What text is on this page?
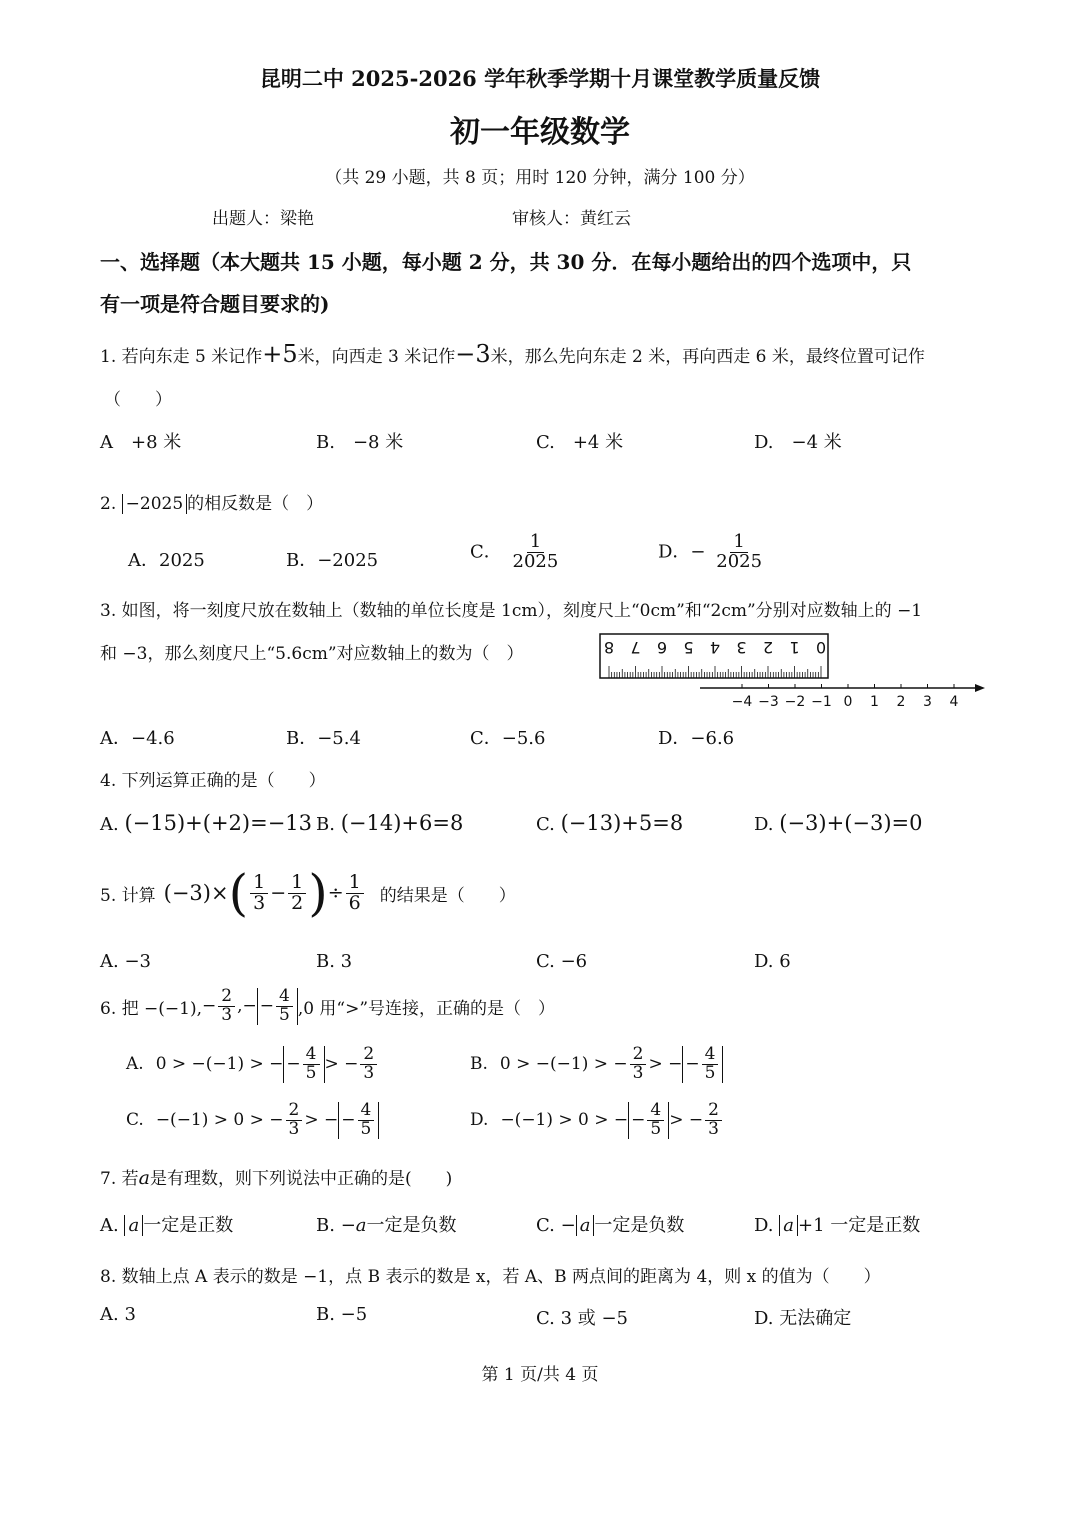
昆明二中 2025-2026 学年秋季学期十月课堂教学质量反馈
初一年级数学
（共 29 小题，共 8 页；用时 120 分钟，满分 100 分）
出题人：梁艳	审核人：黄红云
一、选择题（本大题共 15 小题，每小题 2 分，共 30 分．在每小题给出的四个选项中，只
有一项是符合题目要求的)
1. 若向东走 5 米记作+5米，向西走 3 米记作−3米，那么先向东走 2 米，再向西走 6 米，最终位置可记作
（　　）
A　+8 米	B.　−8 米	C.　+4 米	D.　−4 米
2. −2025 的相反数是（　）
A．2025	B．−2025	C． $\frac{1}{2025}$	D．− $\frac{1}{2025}$
3. 如图，将一刻度尺放在数轴上（数轴的单位长度是 1cm），刻度尺上“0cm”和“2cm”分别对应数轴上的 −1
和 −3，那么刻度尺上“5.6cm”对应数轴上的数为（　）	8 7 6 5 4 3 2 1 0
−4 −3 −2 −1 0 1 2 3 4
A．−4.6	B．−5.4	C．−5.6	D．−6.6
4. 下列运算正确的是（　　）
A. (−15)+(+2)=−13 B. (−14)+6=8	C. (−13)+5=8	D. (−3)+(−3)=0
5. 计算 (−3)× ( $\frac{1}{3} - \frac{1}{2}$ ) ÷ $\frac{1}{6}$ 的结果是（　　）
A. −3	B. 3	C. −6	D. 6
6. 把 −(−1), − $\frac{2}{3}$ , − − $\frac{4}{5} ,0$ 用“>”号连接，正确的是（　）
A. 0 > −(−1) > − − $\frac{4}{5}$ > − $\frac{2}{3}$	B. 0 > −(−1) > − $\frac{2}{3}$ > − − $\frac{4}{5}$
C. −(−1) > 0 > − $\frac{2}{3}$ > − − $\frac{4}{5}$	D. −(−1) > 0 > − − $\frac{4}{5}$ > − $\frac{2}{3}$
7. 若a是有理数，则下列说法中正确的是(　　)
A. a 一定是正数	B. −a一定是负数	C. − a 一定是负数	D. a +1 一定是正数
8. 数轴上点 A 表示的数是 −1，点 B 表示的数是 x，若 A、B 两点间的距离为 4，则 x 的值为（　　）
A. 3	B. −5	C. 3 或 −5	D. 无法确定
第 1 页/共 4 页
